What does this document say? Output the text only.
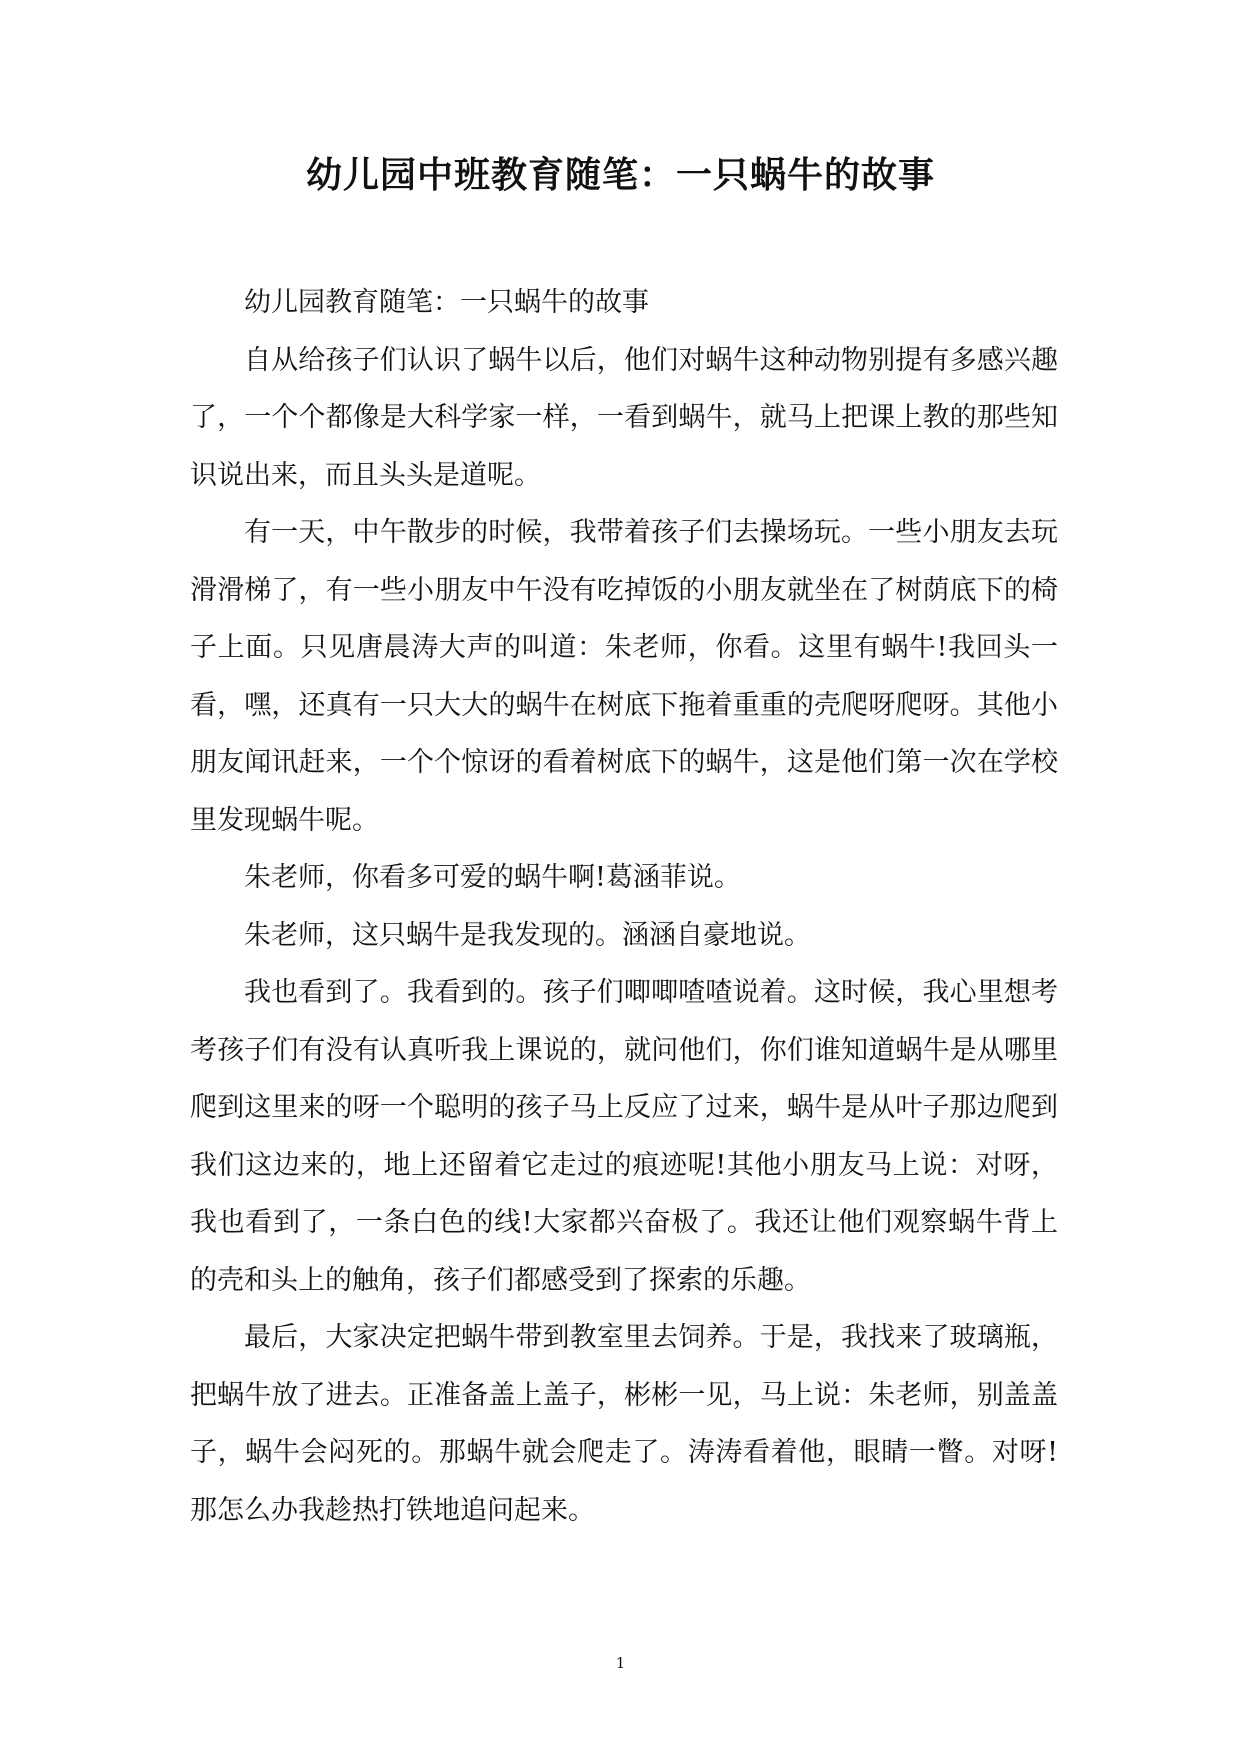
幼儿园中班教育随笔：一只蜗牛的故事

幼儿园教育随笔：一只蜗牛的故事

自从给孩子们认识了蜗牛以后，他们对蜗牛这种动物别提有多感兴趣了，一个个都像是大科学家一样，一看到蜗牛，就马上把课上教的那些知识说出来，而且头头是道呢。

有一天，中午散步的时候，我带着孩子们去操场玩。一些小朋友去玩滑滑梯了，有一些小朋友中午没有吃掉饭的小朋友就坐在了树荫底下的椅子上面。只见唐晨涛大声的叫道：朱老师，你看。这里有蜗牛!我回头一看，嘿，还真有一只大大的蜗牛在树底下拖着重重的壳爬呀爬呀。其他小朋友闻讯赶来，一个个惊讶的看着树底下的蜗牛，这是他们第一次在学校里发现蜗牛呢。

朱老师，你看多可爱的蜗牛啊!葛涵菲说。

朱老师，这只蜗牛是我发现的。涵涵自豪地说。

我也看到了。我看到的。孩子们唧唧喳喳说着。这时候，我心里想考考孩子们有没有认真听我上课说的，就问他们，你们谁知道蜗牛是从哪里爬到这里来的呀一个聪明的孩子马上反应了过来，蜗牛是从叶子那边爬到我们这边来的，地上还留着它走过的痕迹呢!其他小朋友马上说：对呀，我也看到了，一条白色的线!大家都兴奋极了。我还让他们观察蜗牛背上的壳和头上的触角，孩子们都感受到了探索的乐趣。

最后，大家决定把蜗牛带到教室里去饲养。于是，我找来了玻璃瓶，把蜗牛放了进去。正准备盖上盖子，彬彬一见，马上说：朱老师，别盖盖子，蜗牛会闷死的。那蜗牛就会爬走了。涛涛看着他，眼睛一瞥。对呀!那怎么办我趁热打铁地追问起来。

1
